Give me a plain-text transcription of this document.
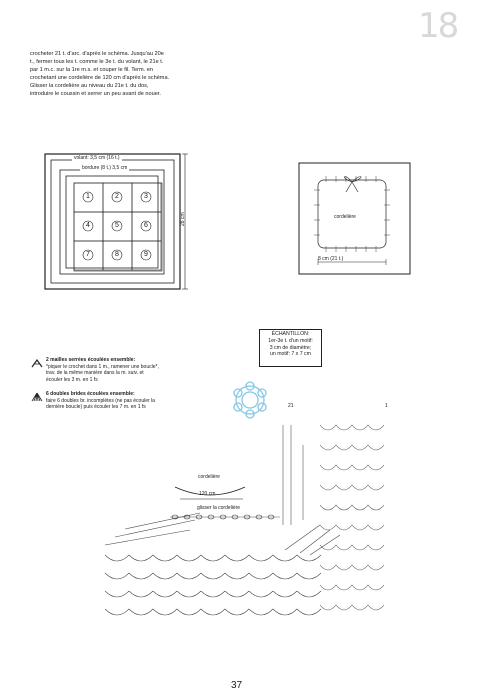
18
crocheter 21 t. d'arc. d'après le schéma. Jusqu'au 20e t., fermer tous les t. comme le 3e t. du volant, le 21e t. par 1 m.c. sur la 1re m.s. et couper le fil. Term. en crochetant une cordelière de 120 cm d'après le schéma. Glisser la cordelière au niveau du 21e t. du dos, introduire le coussin et serrer un peu avant de nouer.
volant: 3,5 cm (16 t.)
bordure (8 t.) 3,5 cm
28 cm
1	2	3
4	5	6
7	8	9
cordelière
8 cm (21 t.)
ÉCHANTILLON:
1er-3e t. d'un motif:
3 cm de diamètre;
un motif: 7 x 7 cm
2 mailles serrées écoulées ensemble:
*piquer le crochet dans 1 m., ramener une boucle*, trav. de la même manière dans la m. suiv. et écouler les 3 m. en 1 fs
6 doubles brides écoulées ensemble:
faire 6 doubles br. incomplètes (ne pas écouler la dernière boucle) puis écouler les 7 m. en 1 fs
cordelière
120 cm
glisser la cordelière
21	1
37
